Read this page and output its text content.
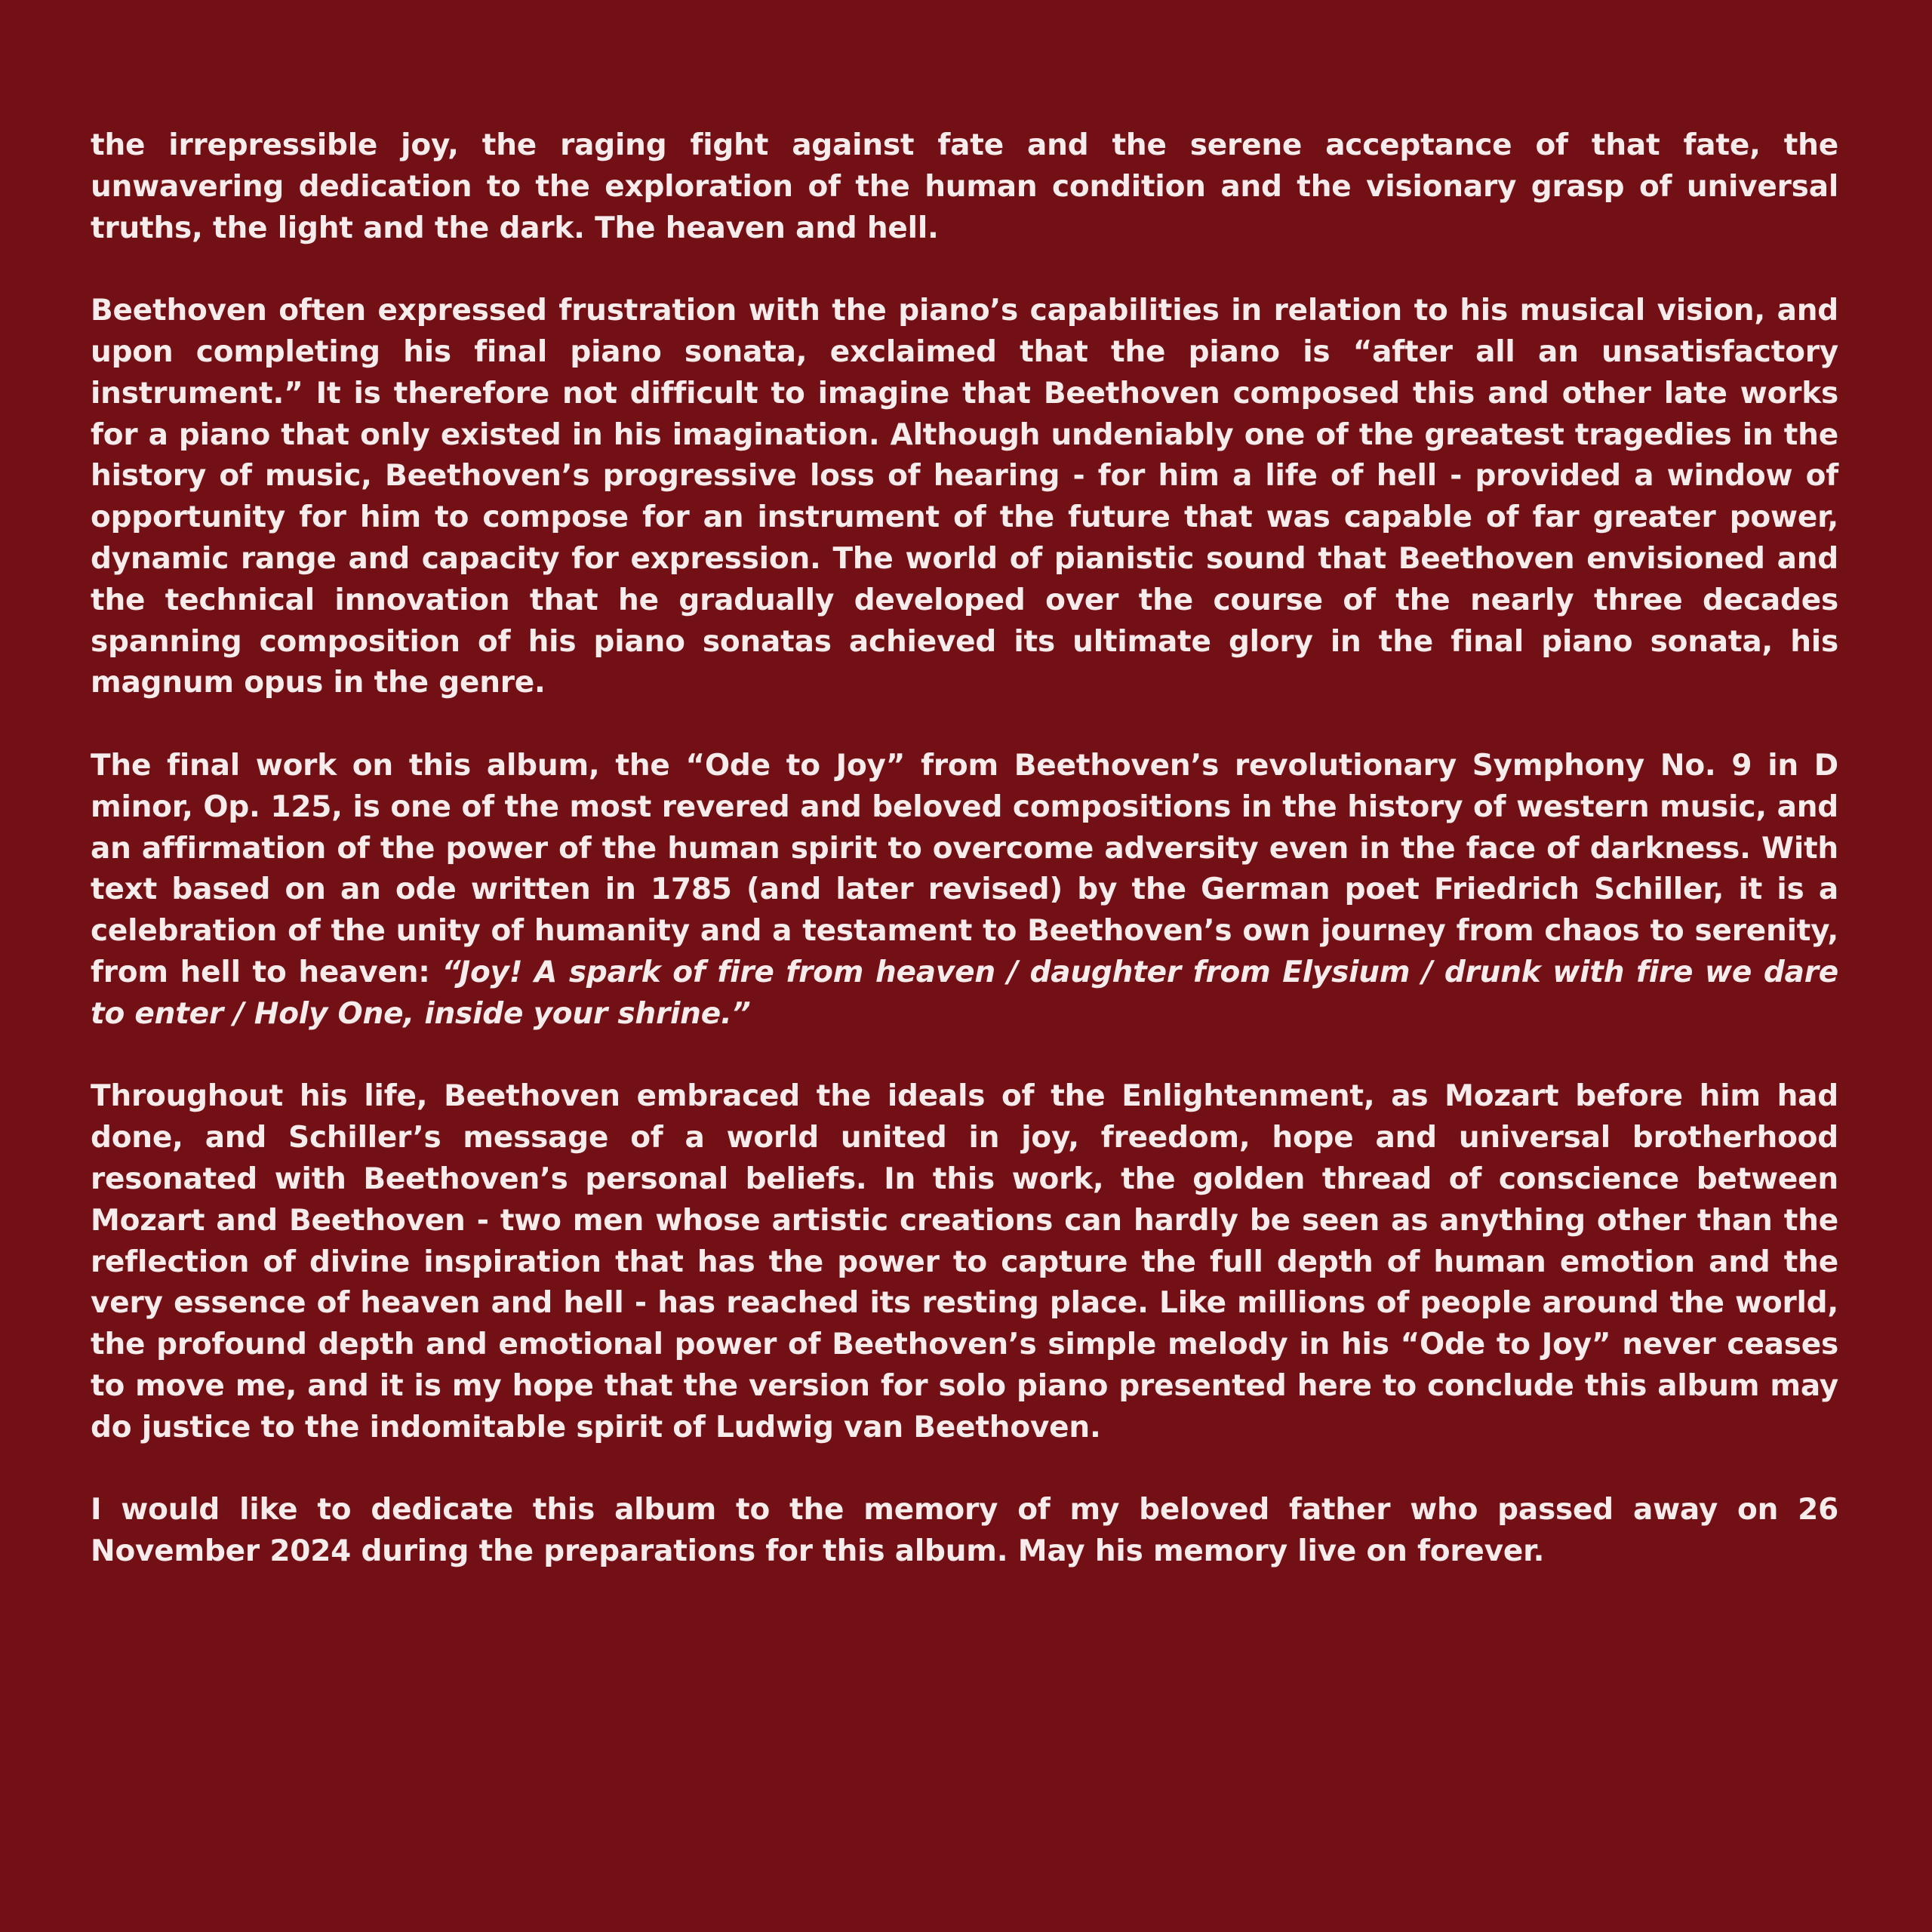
the irrepressible joy, the raging fight against fate and the serene acceptance of that fate, the unwavering dedication to the exploration of the human condition and the visionary grasp of universal truths, the light and the dark. The heaven and hell.

Beethoven often expressed frustration with the piano’s capabilities in relation to his musical vision, and upon completing his final piano sonata, exclaimed that the piano is “after all an unsatisfactory instrument.” It is therefore not difficult to imagine that Beethoven composed this and other late works for a piano that only existed in his imagination. Although undeniably one of the greatest tragedies in the history of music, Beethoven’s progressive loss of hearing - for him a life of hell - provided a window of opportunity for him to compose for an instrument of the future that was capable of far greater power, dynamic range and capacity for expression. The world of pianistic sound that Beethoven envisioned and the technical innovation that he gradually developed over the course of the nearly three decades spanning composition of his piano sonatas achieved its ultimate glory in the final piano sonata, his magnum opus in the genre.

The final work on this album, the “Ode to Joy” from Beethoven’s revolutionary Symphony No. 9 in D minor, Op. 125, is one of the most revered and beloved compositions in the history of western music, and an affirmation of the power of the human spirit to overcome adversity even in the face of darkness. With text based on an ode written in 1785 (and later revised) by the German poet Friedrich Schiller, it is a celebration of the unity of humanity and a testament to Beethoven’s own journey from chaos to serenity, from hell to heaven: “Joy! A spark of fire from heaven / daughter from Elysium / drunk with fire we dare to enter / Holy One, inside your shrine.”

Throughout his life, Beethoven embraced the ideals of the Enlightenment, as Mozart before him had done, and Schiller’s message of a world united in joy, freedom, hope and universal brotherhood resonated with Beethoven’s personal beliefs. In this work, the golden thread of conscience between Mozart and Beethoven - two men whose artistic creations can hardly be seen as anything other than the reflection of divine inspiration that has the power to capture the full depth of human emotion and the very essence of heaven and hell - has reached its resting place. Like millions of people around the world, the profound depth and emotional power of Beethoven’s simple melody in his “Ode to Joy” never ceases to move me, and it is my hope that the version for solo piano presented here to conclude this album may do justice to the indomitable spirit of Ludwig van Beethoven.

I would like to dedicate this album to the memory of my beloved father who passed away on 26 November 2024 during the preparations for this album. May his memory live on forever.
